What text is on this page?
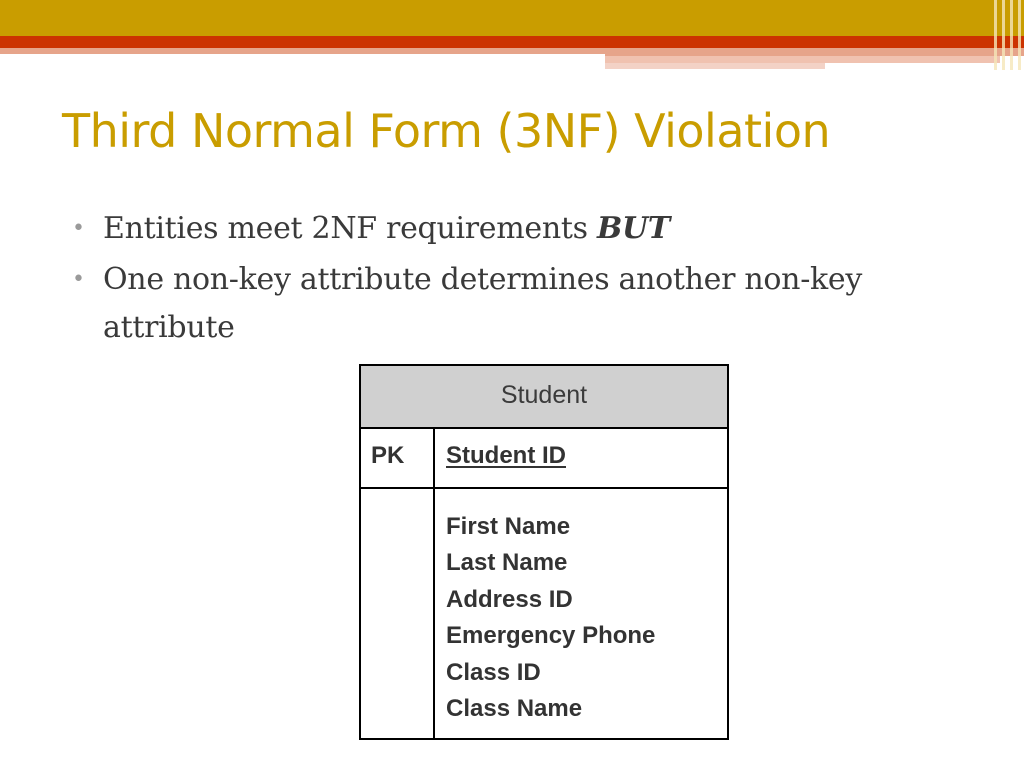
Third Normal Form (3NF) Violation
• Entities meet 2NF requirements BUT
• One non-key attribute determines another non-key attribute
Student
PK Student ID
First Name
Last Name
Address ID
Emergency Phone
Class ID
Class Name
